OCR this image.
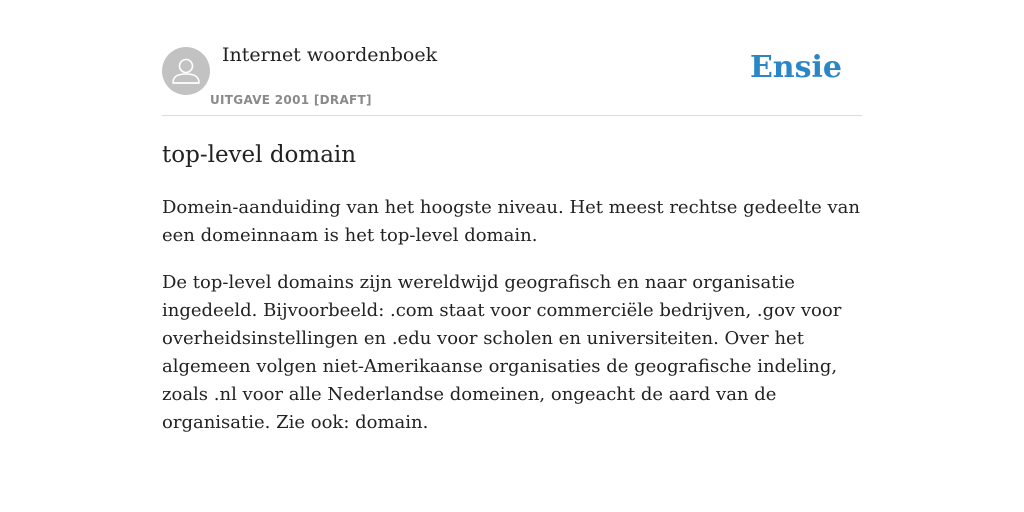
Internet woordenboek
UITGAVE 2001 [DRAFT]
Ensie
top-level domain

Domein-aanduiding van het hoogste niveau. Het meest rechtse gedeelte van een domeinnaam is het top-level domain.

De top-level domains zijn wereldwijd geografisch en naar organisatie ingedeeld. Bijvoorbeeld: .com staat voor commerciële bedrijven, .gov voor overheidsinstellingen en .edu voor scholen en universiteiten. Over het algemeen volgen niet-Amerikaanse organisaties de geografische indeling, zoals .nl voor alle Nederlandse domeinen, ongeacht de aard van de organisatie. Zie ook: domain.
